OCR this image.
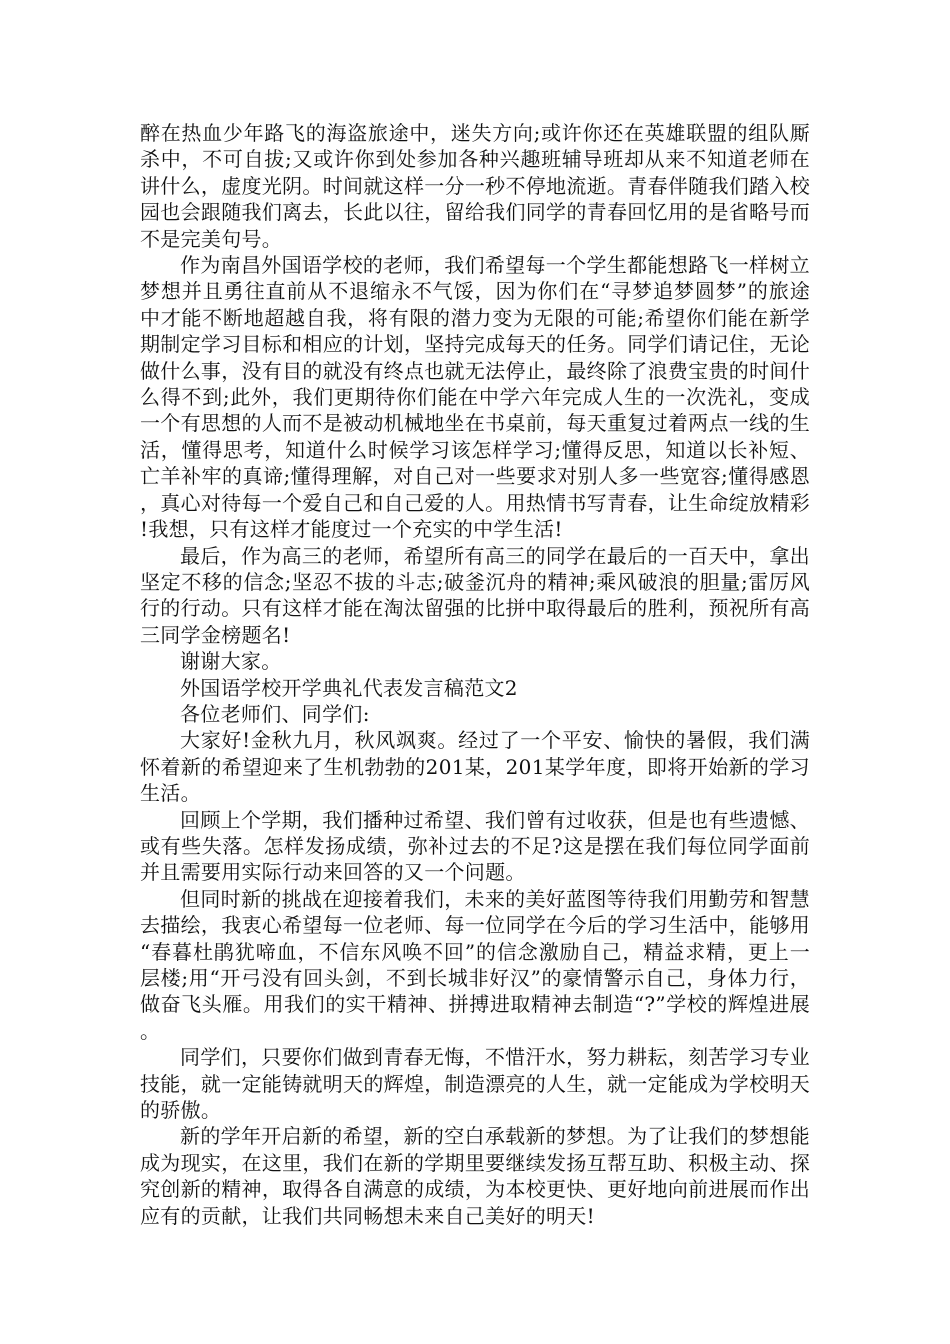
醉在热血少年路飞的海盗旅途中，迷失方向;或许你还在英雄联盟的组队厮杀中，不可自拔;又或许你到处参加各种兴趣班辅导班却从来不知道老师在讲什么，虚度光阴。时间就这样一分一秒不停地流逝。青春伴随我们踏入校园也会跟随我们离去，长此以往，留给我们同学的青春回忆用的是省略号而不是完美句号。

作为南昌外国语学校的老师，我们希望每一个学生都能想路飞一样树立梦想并且勇往直前从不退缩永不气馁，因为你们在“寻梦追梦圆梦”的旅途中才能不断地超越自我，将有限的潜力变为无限的可能;希望你们能在新学期制定学习目标和相应的计划，坚持完成每天的任务。同学们请记住，无论做什么事，没有目的就没有终点也就无法停止，最终除了浪费宝贵的时间什么得不到;此外，我们更期待你们能在中学六年完成人生的一次洗礼，变成一个有思想的人而不是被动机械地坐在书桌前，每天重复过着两点一线的生活，懂得思考，知道什么时候学习该怎样学习;懂得反思，知道以长补短、亡羊补牢的真谛;懂得理解，对自己对一些要求对别人多一些宽容;懂得感恩，真心对待每一个爱自己和自己爱的人。用热情书写青春，让生命绽放精彩!我想，只有这样才能度过一个充实的中学生活!

最后，作为高三的老师，希望所有高三的同学在最后的一百天中，拿出坚定不移的信念;坚忍不拔的斗志;破釜沉舟的精神;乘风破浪的胆量;雷厉风行的行动。只有这样才能在淘汰留强的比拼中取得最后的胜利，预祝所有高三同学金榜题名!

谢谢大家。

外国语学校开学典礼代表发言稿范文2

各位老师们、同学们:

大家好!金秋九月，秋风飒爽。经过了一个平安、愉快的暑假，我们满怀着新的希望迎来了生机勃勃的201某，201某学年度，即将开始新的学习生活。

回顾上个学期，我们播种过希望、我们曾有过收获，但是也有些遗憾、或有些失落。怎样发扬成绩，弥补过去的不足?这是摆在我们每位同学面前并且需要用实际行动来回答的又一个问题。

但同时新的挑战在迎接着我们，未来的美好蓝图等待我们用勤劳和智慧去描绘，我衷心希望每一位老师、每一位同学在今后的学习生活中，能够用“春暮杜鹃犹啼血，不信东风唤不回”的信念激励自己，精益求精，更上一层楼;用“开弓没有回头剑，不到长城非好汉”的豪情警示自己，身体力行，做奋飞头雁。用我们的实干精神、拼搏进取精神去制造“?”学校的辉煌进展。

同学们，只要你们做到青春无悔，不惜汗水，努力耕耘，刻苦学习专业技能，就一定能铸就明天的辉煌，制造漂亮的人生，就一定能成为学校明天的骄傲。

新的学年开启新的希望，新的空白承载新的梦想。为了让我们的梦想能成为现实，在这里，我们在新的学期里要继续发扬互帮互助、积极主动、探究创新的精神，取得各自满意的成绩，为本校更快、更好地向前进展而作出应有的贡献，让我们共同畅想未来自己美好的明天!
